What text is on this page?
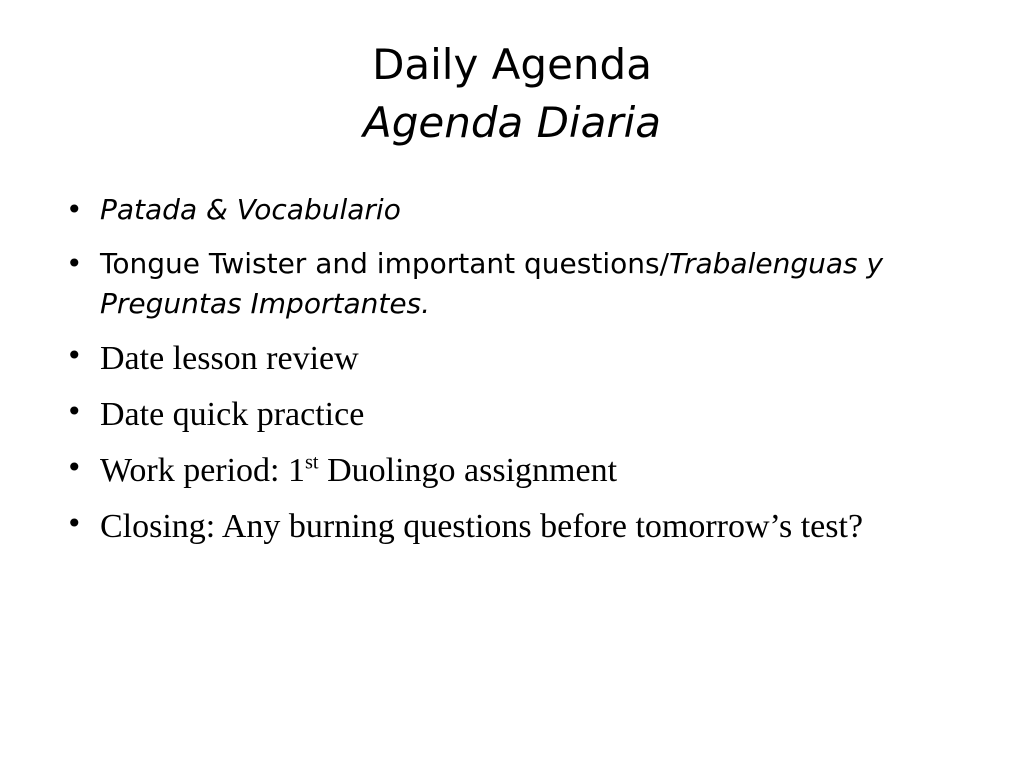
Daily Agenda
Agenda Diaria
• Patada & Vocabulario
• Tongue Twister and important questions/Trabalenguas y Preguntas Importantes.
• Date lesson review
• Date quick practice
• Work period: 1st Duolingo assignment
• Closing: Any burning questions before tomorrow’s test?
